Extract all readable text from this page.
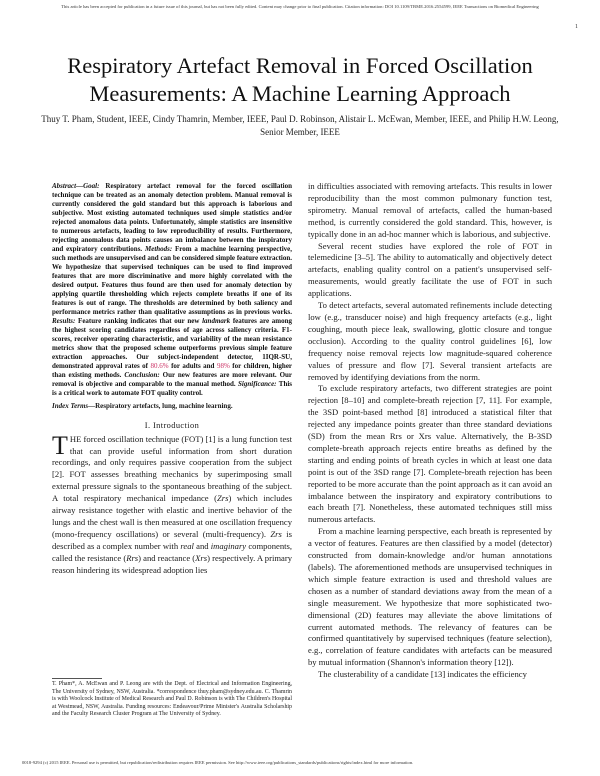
This article has been accepted for publication in a future issue of this journal, but has not been fully edited. Content may change prior to final publication. Citation information: DOI 10.1109/TBME.2016.2554599, IEEE Transactions on Biomedical Engineering
1
Respiratory Artefact Removal in Forced Oscillation Measurements: A Machine Learning Approach
Thuy T. Pham, Student, IEEE, Cindy Thamrin, Member, IEEE, Paul D. Robinson, Alistair L. McEwan, Member, IEEE, and Philip H.W. Leong, Senior Member, IEEE
Abstract—Goal: Respiratory artefact removal for the forced oscillation technique can be treated as an anomaly detection problem. Manual removal is currently considered the gold standard but this approach is laborious and subjective. Most existing automated techniques used simple statistics and/or rejected anomalous data points. Unfortunately, simple statistics are insensitive to numerous artefacts, leading to low reproducibility of results. Furthermore, rejecting anomalous data points causes an imbalance between the inspiratory and expiratory contributions. Methods: From a machine learning perspective, such methods are unsupervised and can be considered simple feature extraction. We hypothesize that supervised techniques can be used to find improved features that are more discriminative and more highly correlated with the desired output. Features thus found are then used for anomaly detection by applying quartile thresholding which rejects complete breaths if one of its features is out of range. The thresholds are determined by both saliency and performance metrics rather than qualitative assumptions as in previous works. Results: Feature ranking indicates that our new landmark features are among the highest scoring candidates regardless of age across saliency criteria. F1-scores, receiver operating characteristic, and variability of the mean resistance metrics show that the proposed scheme outperforms previous simple feature extraction approaches. Our subject-independent detector, 1IQR-SU, demonstrated approval rates of 80.6% for adults and 98% for children, higher than existing methods. Conclusion: Our new features are more relevant. Our removal is objective and comparable to the manual method. Significance: This is a critical work to automate FOT quality control.
Index Terms—Respiratory artefacts, lung, machine learning.
I. Introduction
THE forced oscillation technique (FOT) [1] is a lung function test that can provide useful information from short duration recordings, and only requires passive cooperation from the subject [2]. FOT assesses breathing mechanics by superimposing small external pressure signals to the spontaneous breathing of the subject. A total respiratory mechanical impedance (Zrs) which includes airway resistance together with elastic and inertive behavior of the lungs and the chest wall is then measured at one oscillation frequency (mono-frequency oscillations) or several (multi-frequency). Zrs is described as a complex number with real and imaginary components, called the resistance (Rrs) and reactance (Xrs) respectively. A primary reason hindering its widespread adoption lies

in difficulties associated with removing artefacts. This results in lower reproducibility than the most common pulmonary function test, spirometry. Manual removal of artefacts, called the human-based method, is currently considered the gold standard. This, however, is typically done in an ad-hoc manner which is laborious, and subjective.

Several recent studies have explored the role of FOT in telemedicine [3–5]. The ability to automatically and objectively detect artefacts, enabling quality control on a patient's unsupervised self-measurements, would greatly facilitate the use of FOT in such applications.

To detect artefacts, several automated refinements include detecting low (e.g., transducer noise) and high frequency artefacts (e.g., light coughing, mouth piece leak, swallowing, glottic closure and tongue occlusion). According to the quality control guidelines [6], low frequency noise removal rejects low magnitude-squared coherence values of pressure and flow [7]. Several transient artefacts are removed by identifying deviations from the norm.

To exclude respiratory artefacts, two different strategies are point rejection [8–10] and complete-breath rejection [7, 11]. For example, the 3SD point-based method [8] introduced a statistical filter that rejected any impedance points greater than three standard deviations (SD) from the mean Rrs or Xrs value. Alternatively, the B-3SD complete-breath approach rejects entire breaths as defined by the starting and ending points of breath cycles in which at least one data point is out of the 3SD range [7]. Complete-breath rejection has been reported to be more accurate than the point approach as it can avoid an imbalance between the inspiratory and expiratory contributions to each breath [7]. Nonetheless, these automated techniques still miss numerous artefacts.

From a machine learning perspective, each breath is represented by a vector of features. Features are then classified by a model (detector) constructed from domain-knowledge and/or human annotations (labels). The aforementioned methods are unsupervised techniques in which simple feature extraction is used and threshold values are chosen as a number of standard deviations away from the mean of a single measurement. We hypothesize that more sophisticated two-dimensional (2D) features may alleviate the above limitations of current automated methods. The relevancy of features can be confirmed quantitatively by supervised techniques (feature selection), e.g., correlation of feature candidates with artefacts can be measured by mutual information (Shannon's information theory [12]).

The clusterability of a candidate [13] indicates the efficiency

T. Pham*, A. McEwan and P. Leong are with the Dept. of Electrical and Information Engineering, The University of Sydney, NSW, Australia. *correspondence thuy.pham@sydney.edu.au. C. Thamrin is with Woolcock Institute of Medical Research and Paul D. Robinson is with The Children's Hospital at Westmead, NSW, Australia. Funding resources: Endeavour/Prime Minister's Australia Scholarship and the Faculty Research Cluster Program at The University of Sydney.
0018-9294 (c) 2015 IEEE. Personal use is permitted, but republication/redistribution requires IEEE permission. See http://www.ieee.org/publications_standards/publications/rights/index.html for more information.
